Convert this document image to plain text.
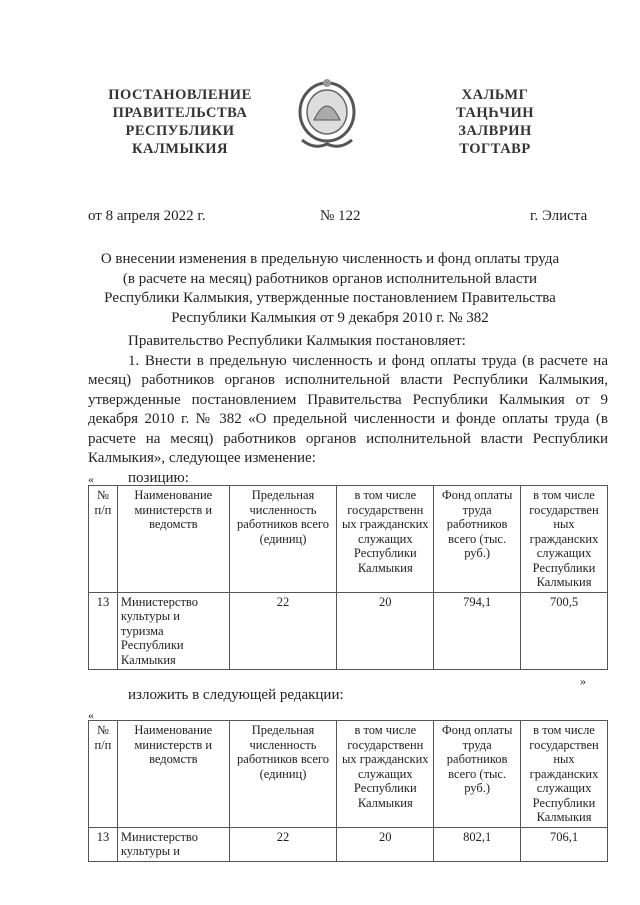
ПОСТАНОВЛЕНИЕ
ПРАВИТЕЛЬСТВА
РЕСПУБЛИКИ
КАЛМЫКИЯ
ХАЛЬМГ
ТАҢҺЧИН
ЗАЛВРИН
ТОГТАВР
от 8 апреля 2022 г.	№ 122	г. Элиста
О внесении изменения в предельную численность и фонд оплаты труда (в расчете на месяц) работников органов исполнительной власти Республики Калмыкия, утвержденные постановлением Правительства Республики Калмыкия от 9 декабря 2010 г. № 382
Правительство Республики Калмыкия постановляет:
1. Внести в предельную численность и фонд оплаты труда (в расчете на месяц) работников органов исполнительной власти Республики Калмыкия, утвержденные постановлением Правительства Республики Калмыкия от 9 декабря 2010 г. № 382 «О предельной численности и фонде оплаты труда (в расчете на месяц) работников органов исполнительной власти Республики Калмыкия», следующее изменение:
позицию:
«
№ п/п	Наименование министерств и ведомств	Предельная численность работников всего (единиц)	в том числе государственн ых гражданских служащих Республики Калмыкия	Фонд оплаты труда работников всего (тыс. руб.)	в том числе государствен ных гражданских служащих Республики Калмыкия
13	Министерство культуры и туризма Республики Калмыкия	22	20	794,1	700,5
»
изложить в следующей редакции:
«
№ п/п	Наименование министерств и ведомств	Предельная численность работников всего (единиц)	в том числе государственн ых гражданских служащих Республики Калмыкия	Фонд оплаты труда работников всего (тыс. руб.)	в том числе государствен ных гражданских служащих Республики Калмыкия
13	Министерство культуры и	22	20	802,1	706,1
